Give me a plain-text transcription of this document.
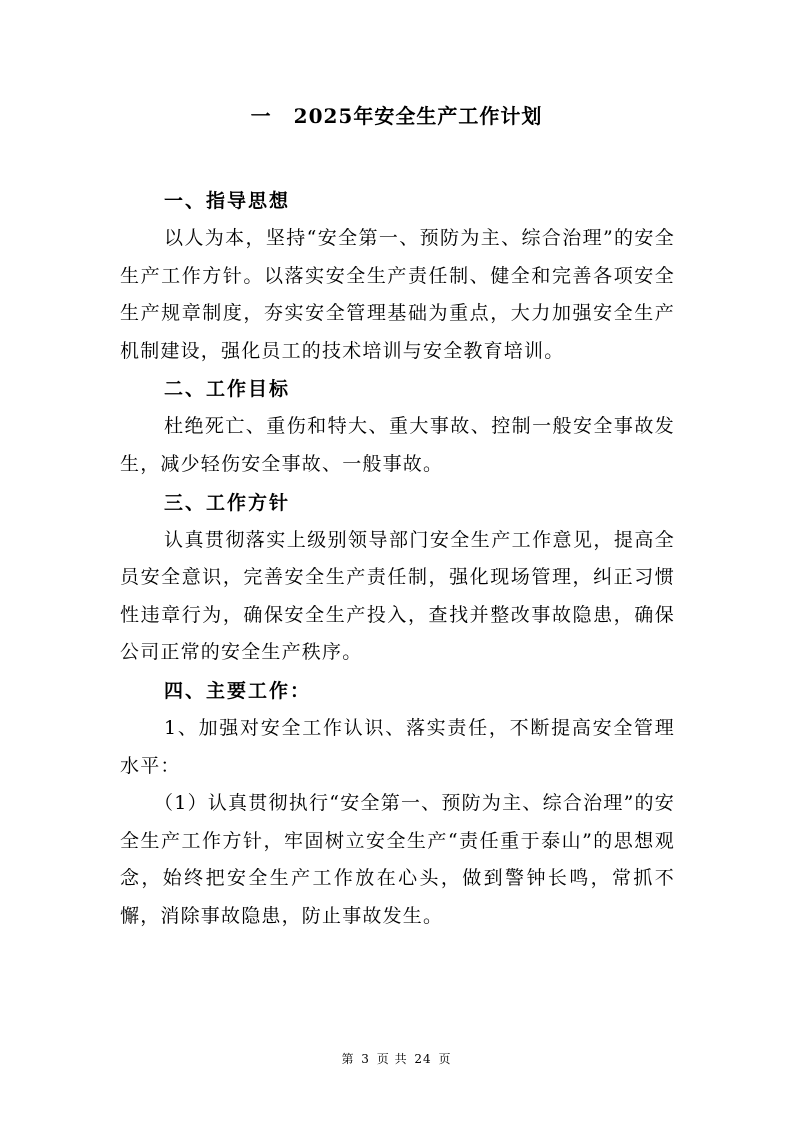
一 2025年安全生产工作计划
一、指导思想

以人为本，坚持“安全第一、预防为主、综合治理”的安全生产工作方针。以落实安全生产责任制、健全和完善各项安全生产规章制度，夯实安全管理基础为重点，大力加强安全生产机制建设，强化员工的技术培训与安全教育培训。

二、工作目标

杜绝死亡、重伤和特大、重大事故、控制一般安全事故发生，减少轻伤安全事故、一般事故。

三、工作方针

认真贯彻落实上级别领导部门安全生产工作意见，提高全员安全意识，完善安全生产责任制，强化现场管理，纠正习惯性违章行为，确保安全生产投入，查找并整改事故隐患，确保公司正常的安全生产秩序。

四、主要工作：

1、加强对安全工作认识、落实责任，不断提高安全管理水平：

（1）认真贯彻执行“安全第一、预防为主、综合治理”的安全生产工作方针，牢固树立安全生产“责任重于泰山”的思想观念，始终把安全生产工作放在心头，做到警钟长鸣，常抓不懈，消除事故隐患，防止事故发生。

第 3 页 共 24 页
